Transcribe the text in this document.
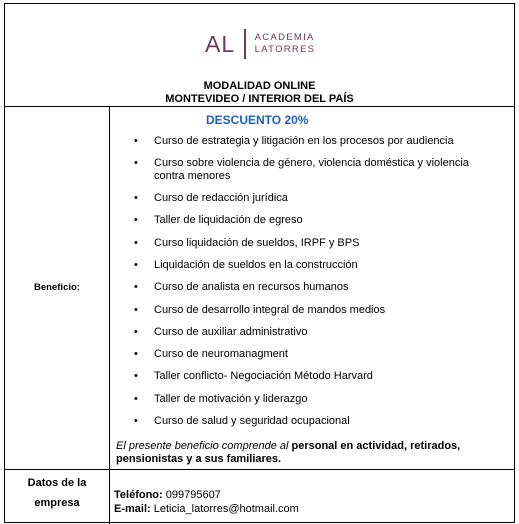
AL ACADEMIA
LATORRES
MODALIDAD ONLINE
MONTEVIDEO / INTERIOR DEL PAÍS
Beneficio:
DESCUENTO 20%
• Curso de estrategia y litigación en los procesos por audiencia
• Curso sobre violencia de género, violencia doméstica y violencia contra menores
• Curso de redacción jurídica
• Taller de liquidación de egreso
• Curso liquidación de sueldos, IRPF y BPS
• Liquidación de sueldos en la construcción
• Curso de analista en recursos humanos
• Curso de desarrollo integral de mandos medios
• Curso de auxiliar administrativo
• Curso de neuromanagment
• Taller conflicto- Negociación Método Harvard
• Taller de motivación y liderazgo
• Curso de salud y seguridad ocupacional
El presente beneficio comprende al personal en actividad, retirados, pensionistas y a sus familiares.
Datos de la
empresa
Teléfono: 099795607
E-mail: Leticia_latorres@hotmail.com
